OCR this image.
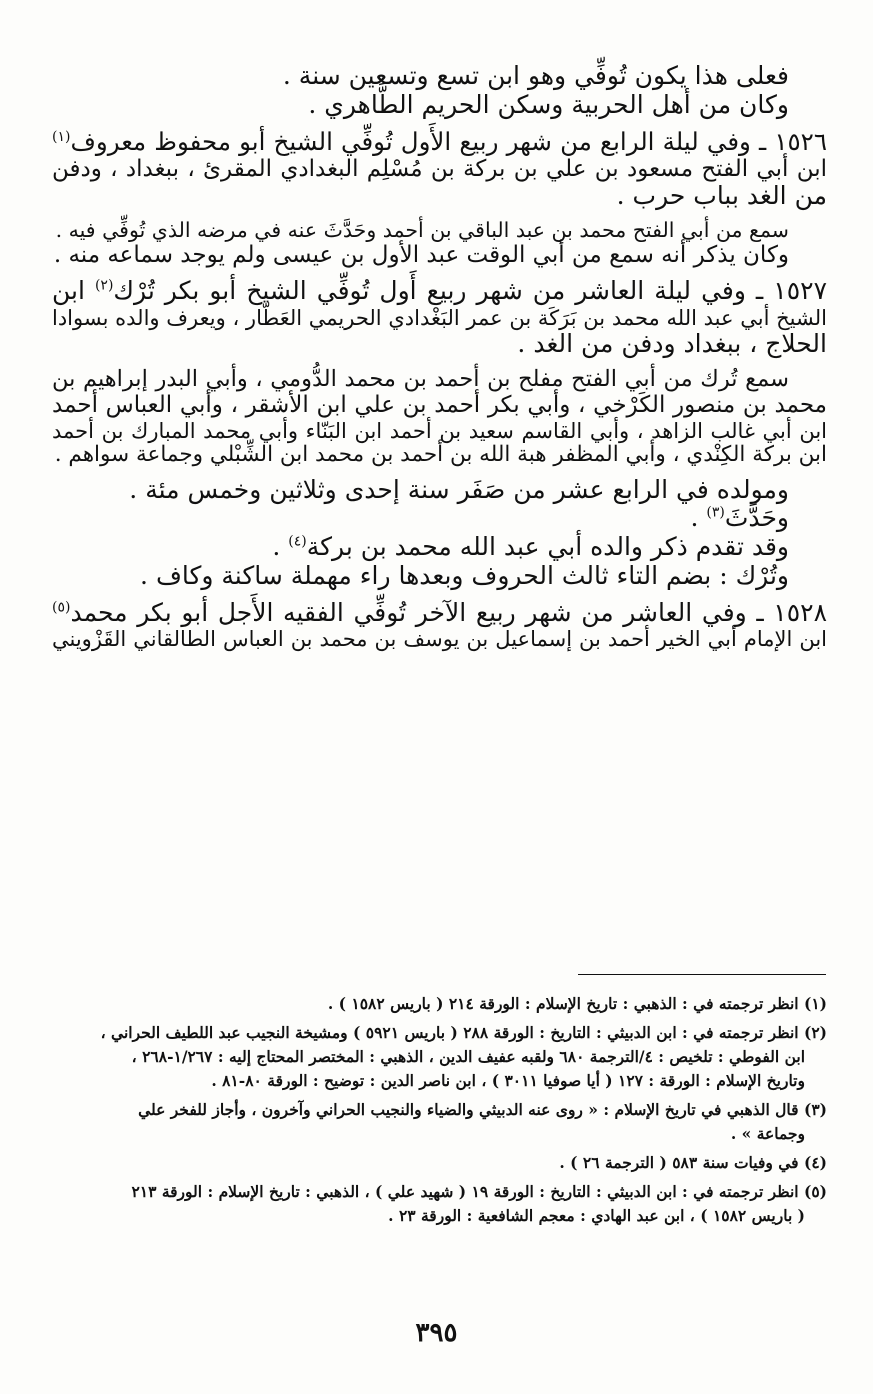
فعلى هذا يكون تُوفِّي وهو ابن تسع وتسعين سنة .

وكان من أهل الحربية وسكن الحريم الطَّاهري .

١٥٢٦ ـ وفي ليلة الرابع من شهر ربيع الأَول تُوفِّي الشيخ أبو محفوظ معروف$^{(١)}$

ابن أبي الفتح مسعود بن علي بن بركة بن مُسْلِم البغدادي المقرئ ، ببغداد ، ودفن

من الغد بباب حرب .

سمع من أبي الفتح محمد بن عبد الباقي بن أحمد وحَدَّثَ عنه في مرضه الذي تُوفِّي فيه .

وكان يذكر أنه سمع من أبي الوقت عبد الأول بن عيسى ولم يوجد سماعه منه .

١٥٢٧ ـ وفي ليلة العاشر من شهر ربيع أَول تُوفِّي الشيخ أبو بكر تُرْك$^{(٢)}$ ابن

الشيخ أبي عبد الله محمد بن بَرَكَة بن عمر البَغْدادي الحريمي العَطّار ، ويعرف والده بسوادا

الحلاج ، ببغداد ودفن من الغد .

سمع تُرك من أبي الفتح مفلح بن أحمد بن محمد الدُّومي ، وأبي البدر إبراهيم بن

محمد بن منصور الكَرْخي ، وأبي بكر أحمد بن علي ابن الأشقر ، وأبي العباس أحمد

ابن أبي غالب الزاهد ، وأبي القاسم سعيد بن أحمد ابن البَنّاء وأبي محمد المبارك بن أحمد

ابن بركة الكِنْدي ، وأبي المظفر هبة الله بن أحمد بن محمد ابن الشِّبْلي وجماعة سواهم .

ومولده في الرابع عشر من صَفَر سنة إحدى وثلاثين وخمس مئة .

وحَدَّثَ$^{(٣)}$ .

وقد تقدم ذكر والده أبي عبد الله محمد بن بركة$^{(٤)}$ .

وتُرْك : بضم التاء ثالث الحروف وبعدها راء مهملة ساكنة وكاف .

١٥٢٨ ـ وفي العاشر من شهر ربيع الآخر تُوفِّي الفقيه الأَجل أبو بكر محمد$^{(٥)}$

ابن الإمام أبي الخير أحمد بن إسماعيل بن يوسف بن محمد بن العباس الطالقاني القَزْويني

(١) انظر ترجمته في : الذهبي : تاريخ الإسلام : الورقة ٢١٤ ( باريس ١٥٨٢ ) .

(٢) انظر ترجمته في : ابن الدبيثي : التاريخ : الورقة ٢٨٨ ( باريس ٥٩٢١ ) ومشيخة النجيب عبد اللطيف الحراني ،
ابن الفوطي : تلخيص : ٤/الترجمة ٦٨٠ ولقبه عفيف الدين ، الذهبي : المختصر المحتاج إليه : ١/٢٦٧-٢٦٨ ،
وتاريخ الإسلام : الورقة : ١٢٧ ( أيا صوفيا ٣٠١١ ) ، ابن ناصر الدين : توضيح : الورقة ٨٠-٨١ .

(٣) قال الذهبي في تاريخ الإسلام : « روى عنه الدبيثي والضياء والنجيب الحراني وآخرون ، وأجاز للفخر علي
وجماعة » .

(٤) في وفيات سنة ٥٨٣ ( الترجمة ٢٦ ) .

(٥) انظر ترجمته في : ابن الدبيثي : التاريخ : الورقة ١٩ ( شهيد علي ) ، الذهبي : تاريخ الإسلام : الورقة ٢١٣
( باريس ١٥٨٢ ) ، ابن عبد الهادي : معجم الشافعية : الورقة ٢٣ .

٣٩٥
